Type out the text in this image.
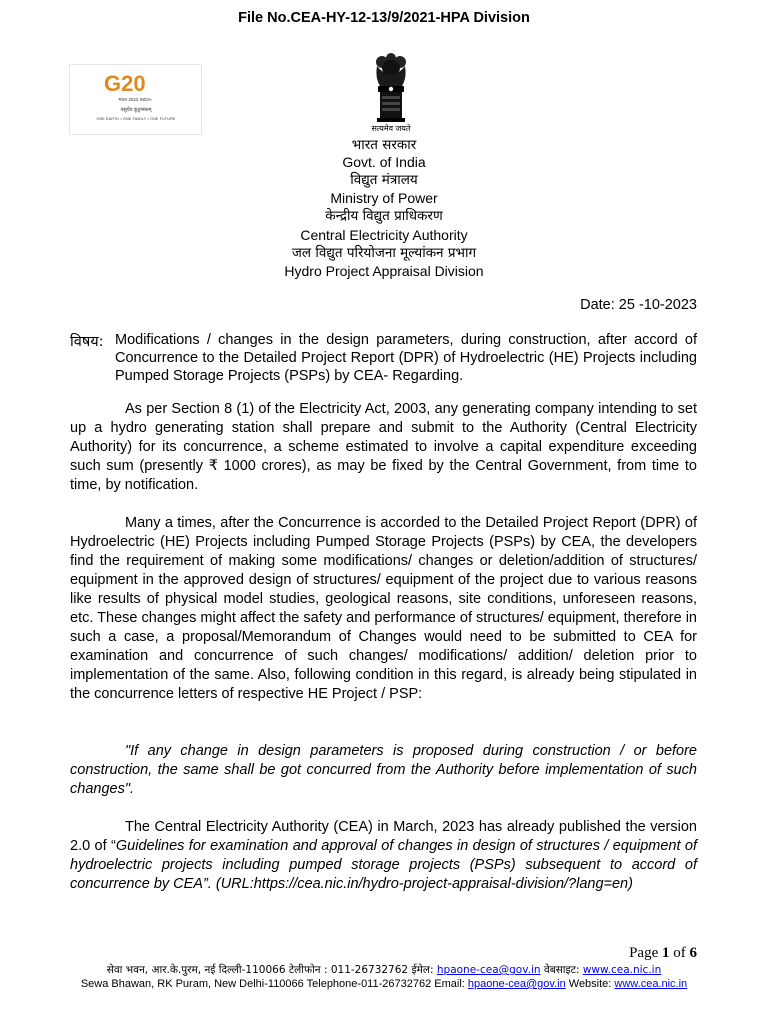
File No.CEA-HY-12-13/9/2021-HPA Division
G20
भारत 2023 INDIA
वसुधैव कुटुम्बकम्
ONE EARTH • ONE FAMILY • ONE FUTURE
सत्यमेव जयते
भारत सरकार
Govt. of India
विद्युत मंत्रालय
Ministry of Power
केन्द्रीय विद्युत प्राधिकरण
Central Electricity Authority
जल विद्युत परियोजना मूल्यांकन प्रभाग
Hydro Project Appraisal Division
Date: 25 -10-2023
विषय: Modifications / changes in the design parameters, during construction, after accord of Concurrence to the Detailed Project Report (DPR) of Hydroelectric (HE) Projects including Pumped Storage Projects (PSPs) by CEA- Regarding.
As per Section 8 (1) of the Electricity Act, 2003, any generating company intending to set up a hydro generating station shall prepare and submit to the Authority (Central Electricity Authority) for its concurrence, a scheme estimated to involve a capital expenditure exceeding such sum (presently ₹ 1000 crores), as may be fixed by the Central Government, from time to time, by notification.
Many a times, after the Concurrence is accorded to the Detailed Project Report (DPR) of Hydroelectric (HE) Projects including Pumped Storage Projects (PSPs) by CEA, the developers find the requirement of making some modifications/ changes or deletion/addition of structures/ equipment in the approved design of structures/ equipment of the project due to various reasons like results of physical model studies, geological reasons, site conditions, unforeseen reasons, etc. These changes might affect the safety and performance of structures/ equipment, therefore in such a case, a proposal/Memorandum of Changes would need to be submitted to CEA for examination and concurrence of such changes/ modifications/ addition/ deletion prior to implementation of the same. Also, following condition in this regard, is already being stipulated in the concurrence letters of respective HE Project / PSP:
"If any change in design parameters is proposed during construction / or before construction, the same shall be got concurred from the Authority before implementation of such changes".
The Central Electricity Authority (CEA) in March, 2023 has already published the version 2.0 of “Guidelines for examination and approval of changes in design of structures / equipment of hydroelectric projects including pumped storage projects (PSPs) subsequent to accord of concurrence by CEA”. (URL:https://cea.nic.in/hydro-project-appraisal-division/?lang=en)
Page 1 of 6
सेवा भवन, आर.के.पुरम, नई दिल्ली-110066 टेलीफोन : 011-26732762 ईमेल: hpaone-cea@gov.in वेबसाइट: www.cea.nic.in
Sewa Bhawan, RK Puram, New Delhi-110066 Telephone-011-26732762 Email: hpaone-cea@gov.in Website: www.cea.nic.in
